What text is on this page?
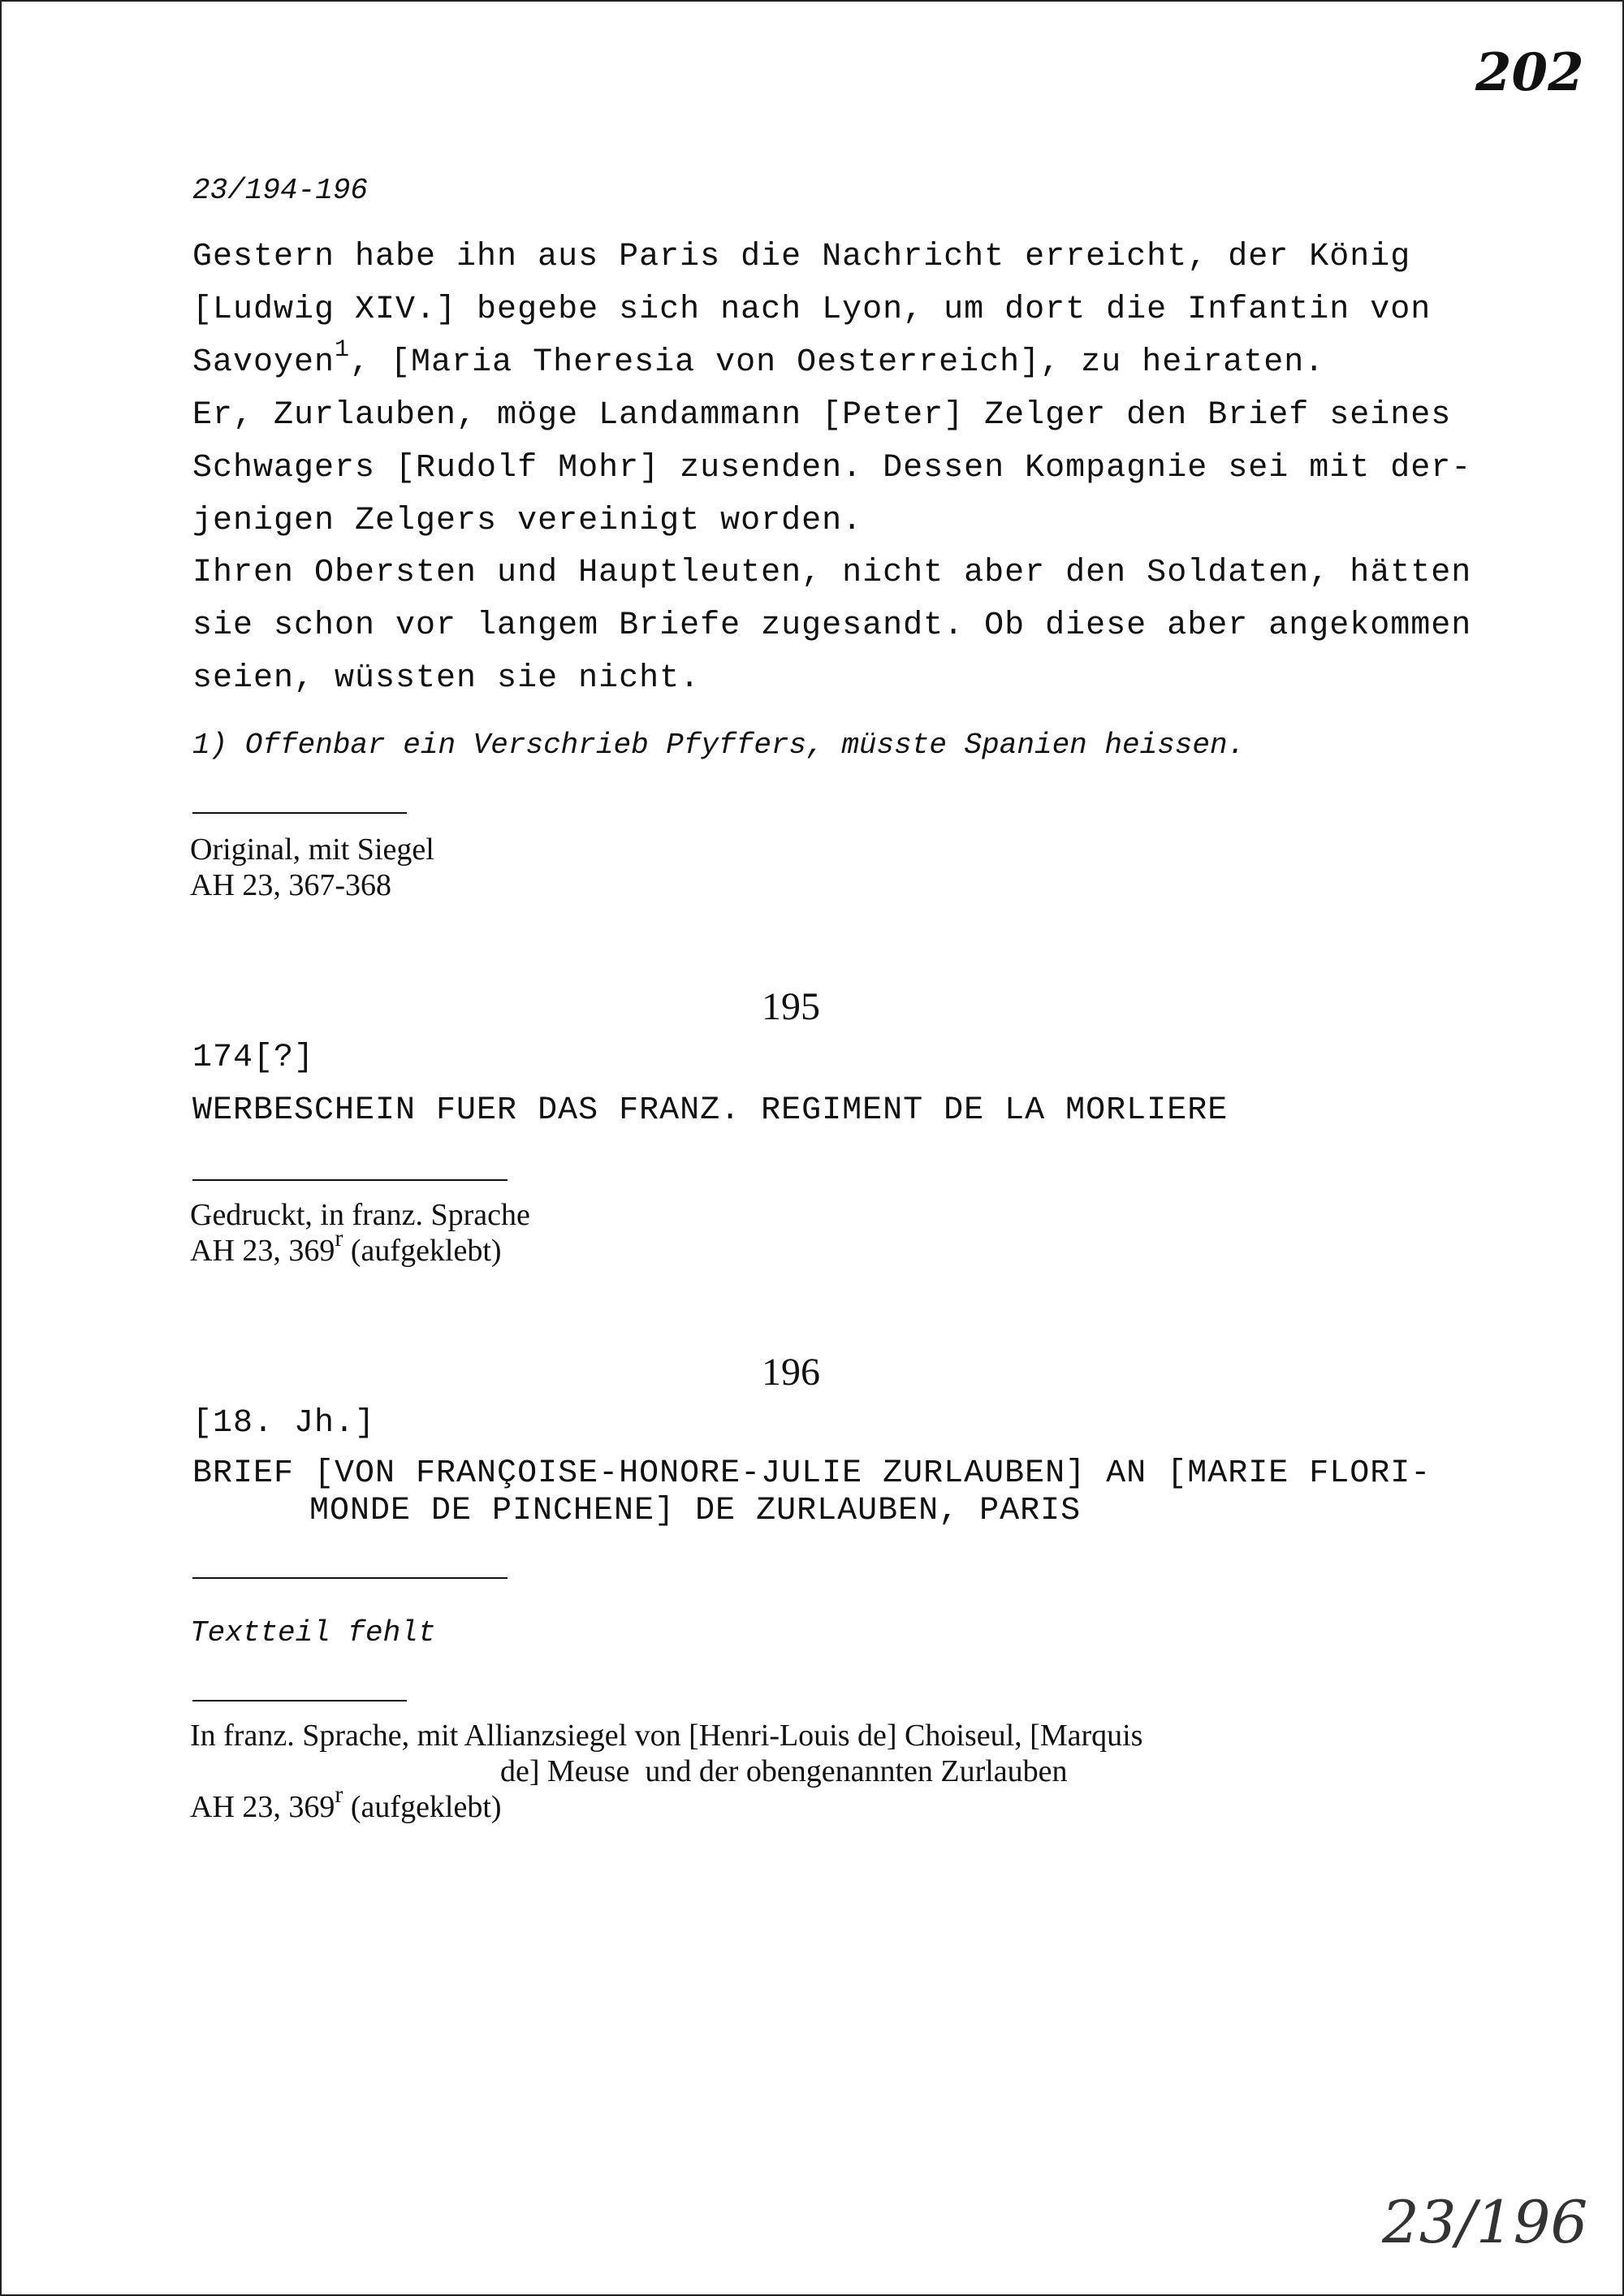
202
23/194-196
Gestern habe ihn aus Paris die Nachricht erreicht, der König
[Ludwig XIV.] begebe sich nach Lyon, um dort die Infantin von
Savoyen$^1$, [Maria Theresia von Oesterreich], zu heiraten.
Er, Zurlauben, möge Landammann [Peter] Zelger den Brief seines
Schwagers [Rudolf Mohr] zusenden. Dessen Kompagnie sei mit der-
jenigen Zelgers vereinigt worden.
Ihren Obersten und Hauptleuten, nicht aber den Soldaten, hätten
sie schon vor langem Briefe zugesandt. Ob diese aber angekommen
seien, wüssten sie nicht.
1) Offenbar ein Verschrieb Pfyffers, müsste Spanien heissen.
Original, mit Siegel
AH 23, 367-368
195
174[?]
WERBESCHEIN FUER DAS FRANZ. REGIMENT DE LA MORLIERE
Gedruckt, in franz. Sprache
AH 23, 369$^r$ (aufgeklebt)
196
[18. Jh.]
BRIEF [VON FRANÇOISE-HONORE-JULIE ZURLAUBEN] AN [MARIE FLORI-
MONDE DE PINCHENE] DE ZURLAUBEN, PARIS
Textteil fehlt
In franz. Sprache, mit Allianzsiegel von [Henri-Louis de] Choiseul, [Marquis
de] Meuse  und der obengenannten Zurlauben
AH 23, 369$^r$ (aufgeklebt)
23/196
